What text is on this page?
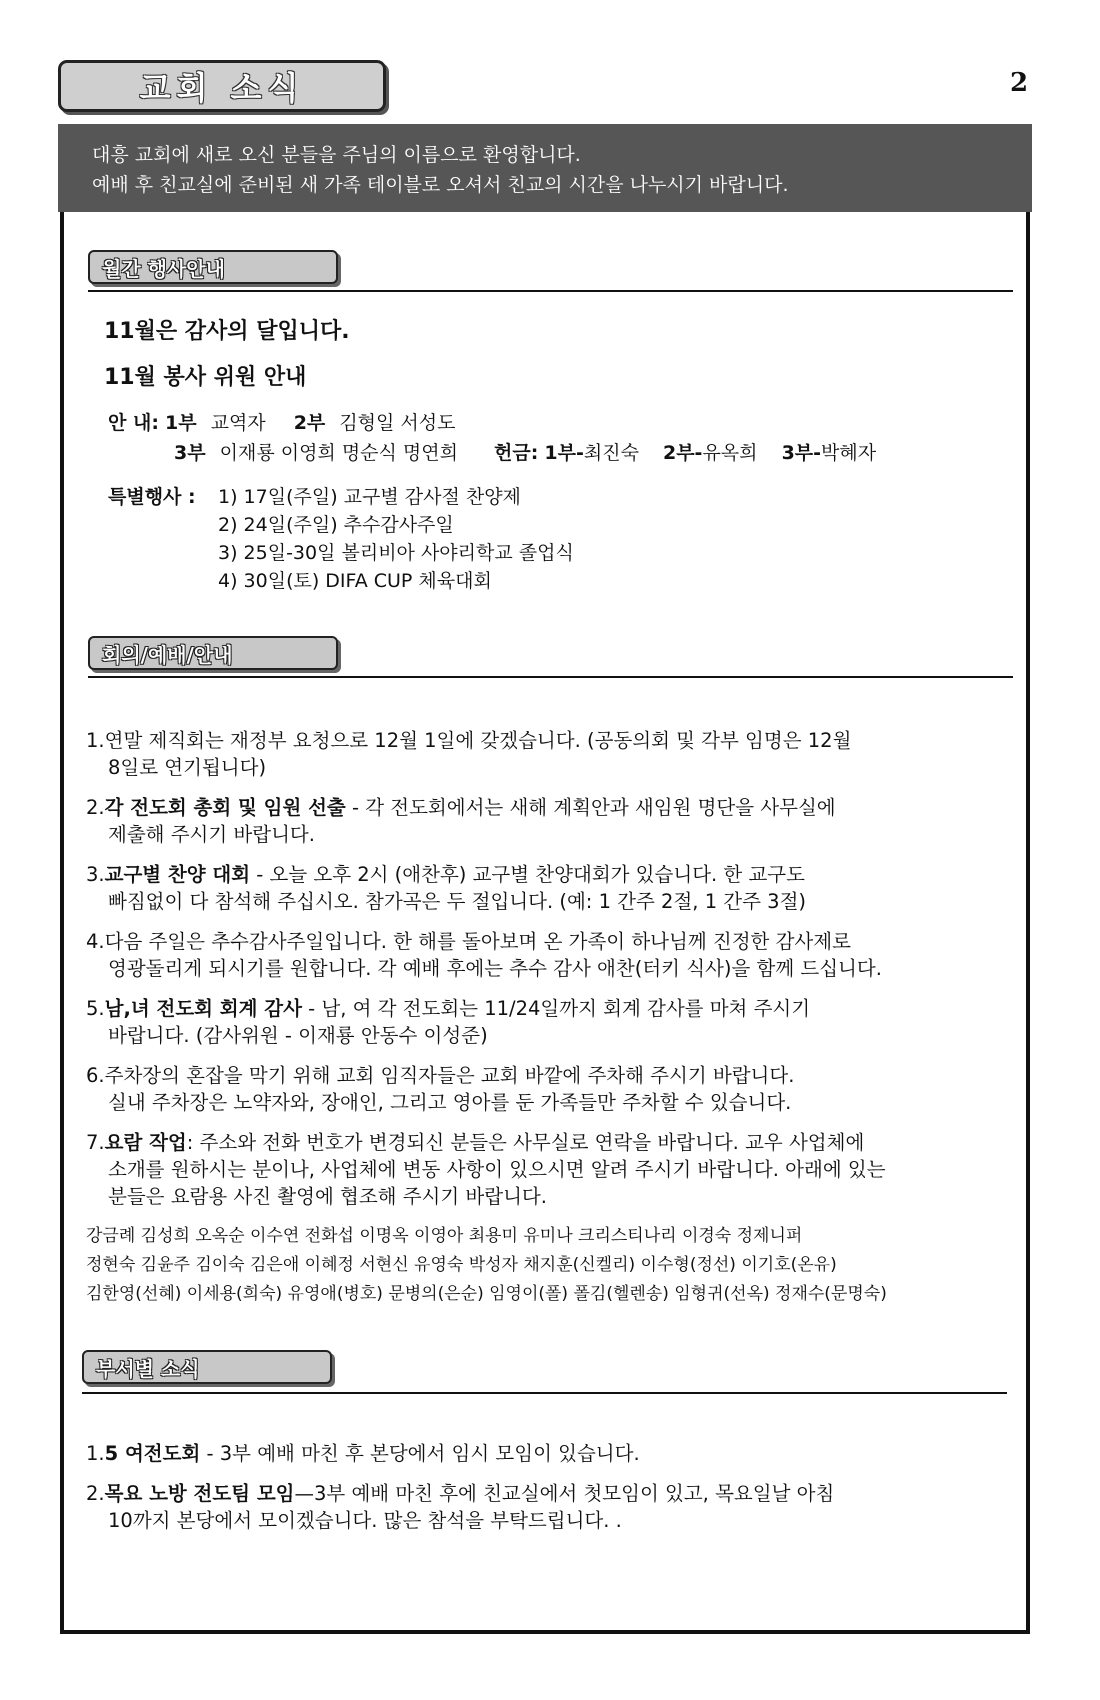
교회 소식	2
대흥 교회에 새로 오신 분들을 주님의 이름으로 환영합니다.
예배 후 친교실에 준비된 새 가족 테이블로 오셔서 친교의 시간을 나누시기 바랍니다.
월간 행사안내
11월은 감사의 달입니다.
11월 봉사 위원 안내
안 내: 1부 교역자 2부 김형일 서성도
3부 이재룡 이영희 명순식 명연희 헌금: 1부-최진숙 2부-유옥희 3부-박혜자
특별행사 : 1) 17일(주일) 교구별 감사절 찬양제
2) 24일(주일) 추수감사주일
3) 25일-30일 볼리비아 사야리학교 졸업식
4) 30일(토) DIFA CUP 체육대회
회의/예배/안내
1.연말 제직회는 재정부 요청으로 12월 1일에 갖겠습니다. (공동의회 및 각부 임명은 12월
8일로 연기됩니다)
2.각 전도회 총회 및 임원 선출 - 각 전도회에서는 새해 계획안과 새임원 명단을 사무실에
제출해 주시기 바랍니다.
3.교구별 찬양 대회 - 오늘 오후 2시 (애찬후) 교구별 찬양대회가 있습니다. 한 교구도
빠짐없이 다 참석해 주십시오. 참가곡은 두 절입니다. (예: 1 간주 2절, 1 간주 3절)
4.다음 주일은 추수감사주일입니다. 한 해를 돌아보며 온 가족이 하나님께 진정한 감사제로
영광돌리게 되시기를 원합니다. 각 예배 후에는 추수 감사 애찬(터키 식사)을 함께 드십니다.
5.남,녀 전도회 회계 감사 - 남, 여 각 전도회는 11/24일까지 회계 감사를 마쳐 주시기
바랍니다. (감사위원 - 이재룡 안동수 이성준)
6.주차장의 혼잡을 막기 위해 교회 임직자들은 교회 바깥에 주차해 주시기 바랍니다.
실내 주차장은 노약자와, 장애인, 그리고 영아를 둔 가족들만 주차할 수 있습니다.
7.요람 작업: 주소와 전화 번호가 변경되신 분들은 사무실로 연락을 바랍니다. 교우 사업체에
소개를 원하시는 분이나, 사업체에 변동 사항이 있으시면 알려 주시기 바랍니다. 아래에 있는
분들은 요람용 사진 촬영에 협조해 주시기 바랍니다.
강금례 김성희 오옥순 이수연 전화섭 이명옥 이영아 최용미 유미나 크리스티나리 이경숙 정제니퍼
정현숙 김윤주 김이숙 김은애 이혜정 서현신 유영숙 박성자 채지훈(신켈리) 이수형(정선) 이기호(온유)
김한영(선혜) 이세용(희숙) 유영애(병호) 문병의(은순) 임영이(폴) 폴김(헬렌송) 임형귀(선옥) 정재수(문명숙)
부서별 소식
1.5 여전도회 - 3부 예배 마친 후 본당에서 임시 모임이 있습니다.
2.목요 노방 전도팀 모임—3부 예배 마친 후에 친교실에서 첫모임이 있고, 목요일날 아침
10까지 본당에서 모이겠습니다. 많은 참석을 부탁드립니다. .
